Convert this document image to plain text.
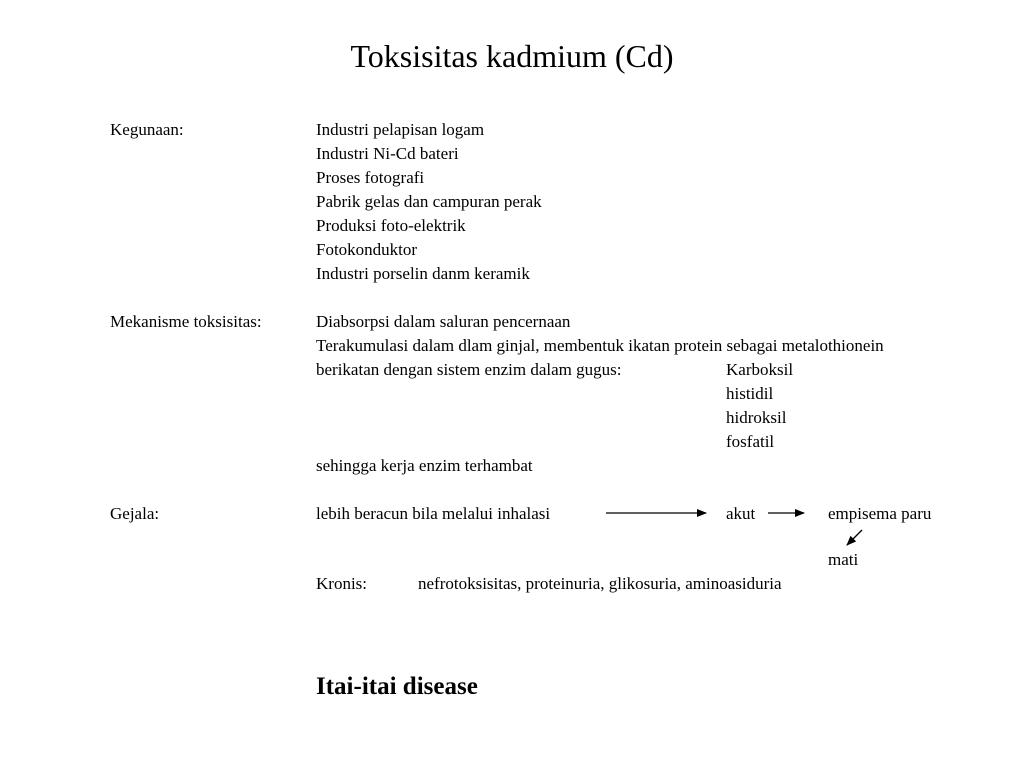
Toksisitas kadmium (Cd)
Kegunaan:	Industri pelapisan logam
Industri Ni-Cd bateri
Proses fotografi
Pabrik gelas dan campuran perak
Produksi foto-elektrik
Fotokonduktor
Industri porselin danm keramik
Mekanisme toksisitas:	Diabsorpsi dalam saluran pencernaan
Terakumulasi dalam dlam ginjal, membentuk ikatan protein sebagai metalothionein
berikatan dengan sistem enzim dalam gugus:	Karboksil
histidil
hidroksil
fosfatil
sehingga kerja enzim terhambat
Gejala:	lebih beracun bila melalui inhalasi	akut	empisema paru
mati
Kronis:	nefrotoksisitas, proteinuria, glikosuria, aminoasiduria
Itai-itai disease
